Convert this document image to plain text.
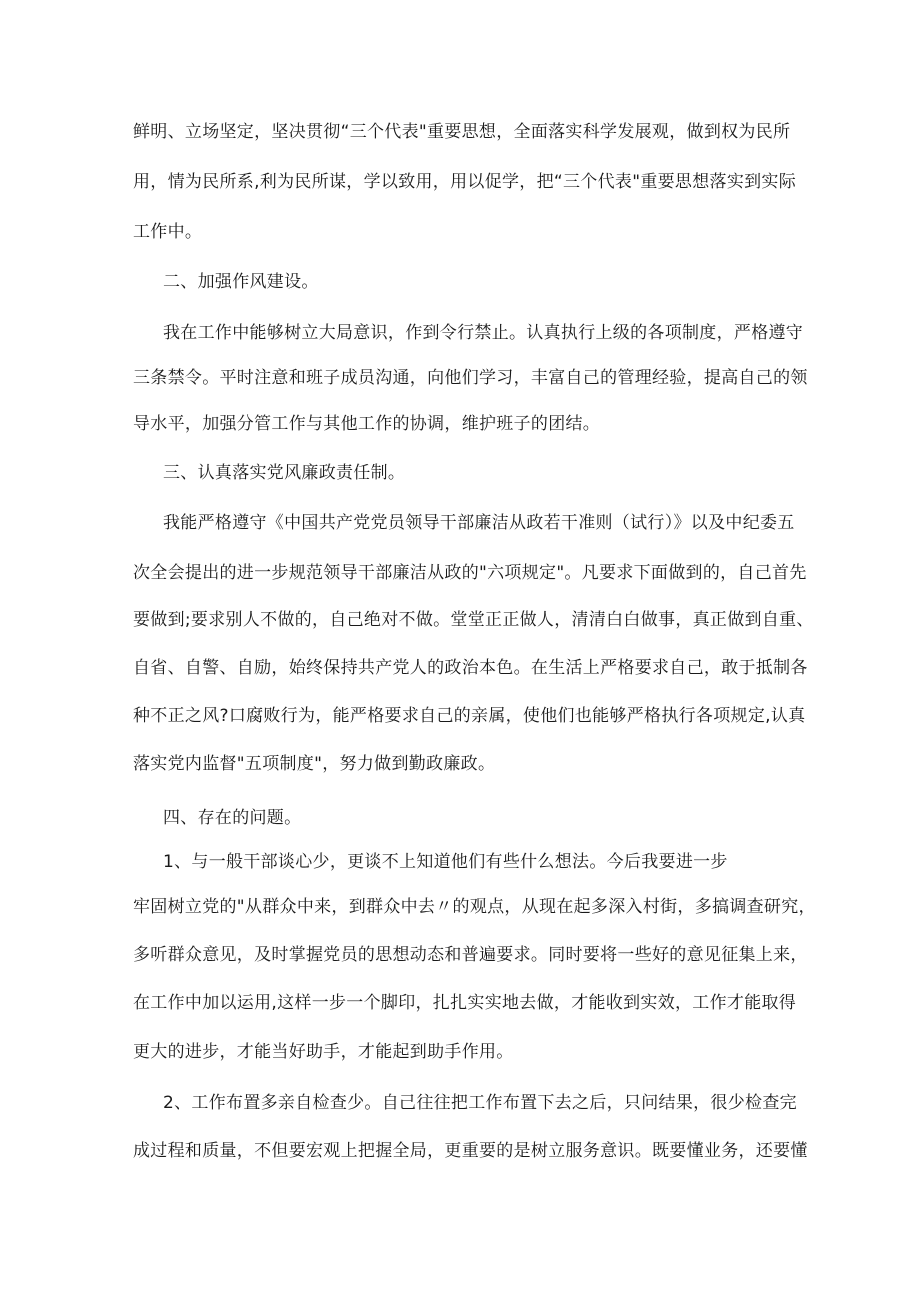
鲜明、立场坚定，坚决贯彻“三个代表"重要思想，全面落实科学发展观，做到权为民所
用，情为民所系,利为民所谋，学以致用，用以促学，把“三个代表"重要思想落实到实际
工作中。
二、加强作风建设。
我在工作中能够树立大局意识，作到令行禁止。认真执行上级的各项制度，严格遵守
三条禁令。平时注意和班子成员沟通，向他们学习，丰富自己的管理经验，提高自己的领
导水平，加强分管工作与其他工作的协调，维护班子的团结。
三、认真落实党风廉政责任制。
我能严格遵守《中国共产党党员领导干部廉洁从政若干准则（试行）》以及中纪委五
次全会提出的进一步规范领导干部廉洁从政的"六项规定"。凡要求下面做到的，自己首先
要做到;要求别人不做的，自己绝对不做。堂堂正正做人，清清白白做事，真正做到自重、
自省、自警、自励，始终保持共产党人的政治本色。在生活上严格要求自己，敢于抵制各
种不正之风?口腐败行为，能严格要求自己的亲属，使他们也能够严格执行各项规定,认真
落实党内监督"五项制度"，努力做到勤政廉政。
四、存在的问题。
1、与一般干部谈心少，更谈不上知道他们有些什么想法。今后我要进一步
牢固树立党的"从群众中来，到群众中去〃的观点，从现在起多深入村街，多搞调查研究，
多听群众意见，及时掌握党员的思想动态和普遍要求。同时要将一些好的意见征集上来，
在工作中加以运用,这样一步一个脚印，扎扎实实地去做，才能收到实效，工作才能取得
更大的进步，才能当好助手，才能起到助手作用。
2、工作布置多亲自检查少。自己往往把工作布置下去之后，只问结果，很少检查完
成过程和质量，不但要宏观上把握全局，更重要的是树立服务意识。既要懂业务，还要懂
